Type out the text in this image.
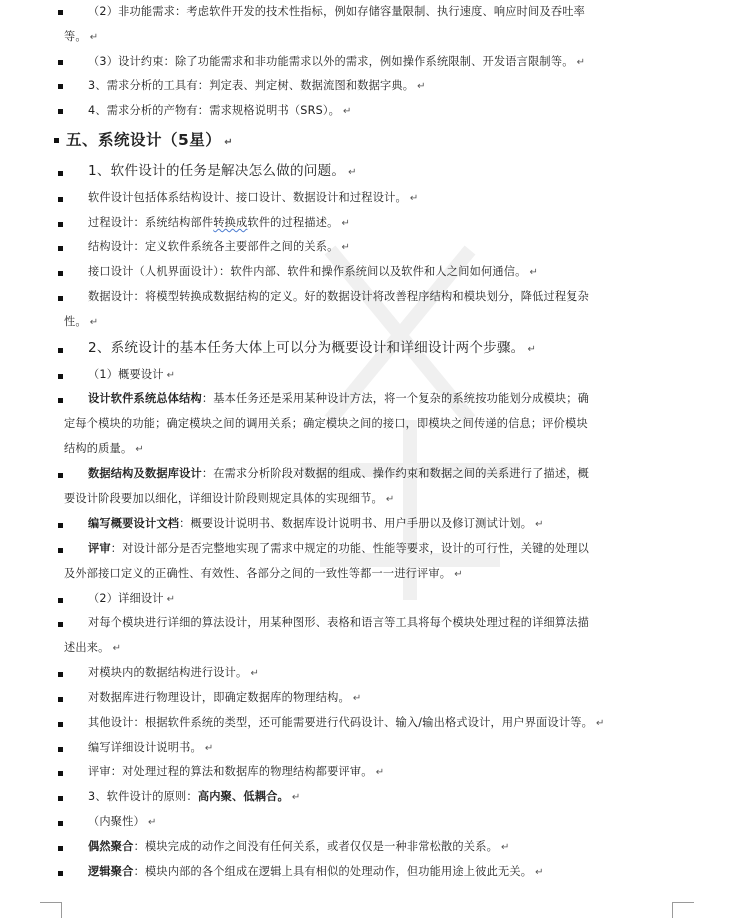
（2）非功能需求：考虑软件开发的技术性指标，例如存储容量限制、执行速度、响应时间及吞吐率
等。 ↵
（3）设计约束：除了功能需求和非功能需求以外的需求，例如操作系统限制、开发语言限制等。 ↵
3、需求分析的工具有：判定表、判定树、数据流图和数据字典。 ↵
4、需求分析的产物有：需求规格说明书（SRS）。 ↵
五、系统设计（5星） ↵
1、软件设计的任务是解决怎么做的问题。 ↵
软件设计包括体系结构设计、接口设计、数据设计和过程设计。 ↵
过程设计：系统结构部件转换成软件的过程描述。 ↵
结构设计：定义软件系统各主要部件之间的关系。 ↵
接口设计（人机界面设计）：软件内部、软件和操作系统间以及软件和人之间如何通信。 ↵
数据设计：将模型转换成数据结构的定义。好的数据设计将改善程序结构和模块划分，降低过程复杂
性。 ↵
2、系统设计的基本任务大体上可以分为概要设计和详细设计两个步骤。 ↵
（1）概要设计 ↵
设计软件系统总体结构：基本任务还是采用某种设计方法，将一个复杂的系统按功能划分成模块；确
定每个模块的功能；确定模块之间的调用关系；确定模块之间的接口，即模块之间传递的信息；评价模块
结构的质量。 ↵
数据结构及数据库设计：在需求分析阶段对数据的组成、操作约束和数据之间的关系进行了描述，概
要设计阶段要加以细化，详细设计阶段则规定具体的实现细节。 ↵
编写概要设计文档：概要设计说明书、数据库设计说明书、用户手册以及修订测试计划。 ↵
评审：对设计部分是否完整地实现了需求中规定的功能、性能等要求，设计的可行性，关键的处理以
及外部接口定义的正确性、有效性、各部分之间的一致性等都一一进行评审。 ↵
（2）详细设计 ↵
对每个模块进行详细的算法设计，用某种图形、表格和语言等工具将每个模块处理过程的详细算法描
述出来。 ↵
对模块内的数据结构进行设计。 ↵
对数据库进行物理设计，即确定数据库的物理结构。 ↵
其他设计：根据软件系统的类型，还可能需要进行代码设计、输入/输出格式设计，用户界面设计等。 ↵
编写详细设计说明书。 ↵
评审：对处理过程的算法和数据库的物理结构都要评审。 ↵
3、软件设计的原则：高内聚、低耦合。 ↵
（内聚性） ↵
偶然聚合：模块完成的动作之间没有任何关系，或者仅仅是一种非常松散的关系。 ↵
逻辑聚合：模块内部的各个组成在逻辑上具有相似的处理动作，但功能用途上彼此无关。 ↵
